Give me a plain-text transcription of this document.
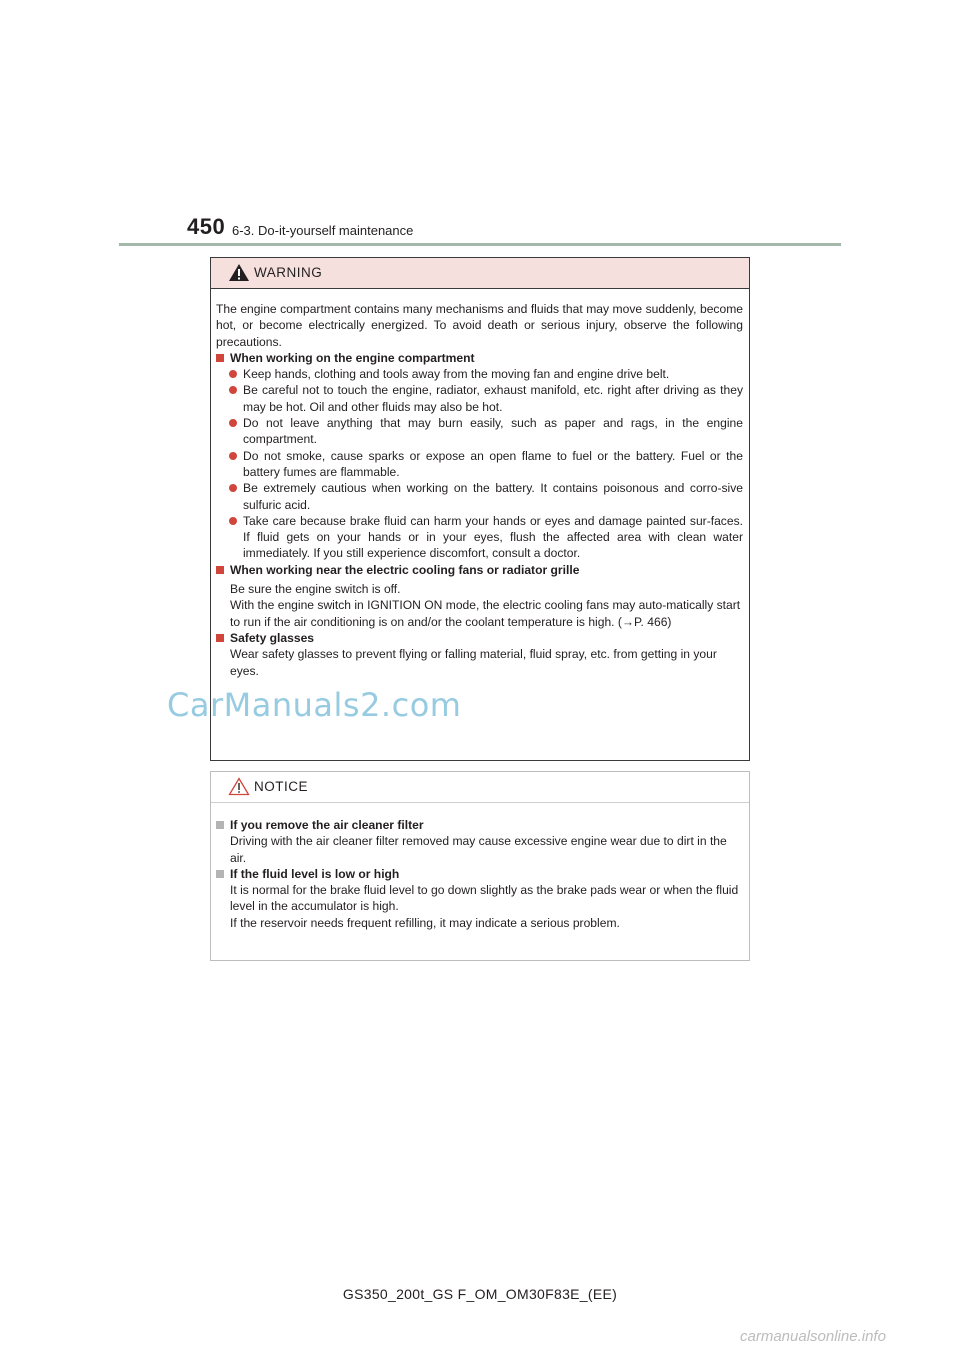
450 6-3. Do-it-yourself maintenance
WARNING

The engine compartment contains many mechanisms and fluids that may move suddenly, become hot, or become electrically energized. To avoid death or serious injury, observe the following precautions.

When working on the engine compartment

Keep hands, clothing and tools away from the moving fan and engine drive belt.

Be careful not to touch the engine, radiator, exhaust manifold, etc. right after driving as they may be hot. Oil and other fluids may also be hot.

Do not leave anything that may burn easily, such as paper and rags, in the engine compartment.

Do not smoke, cause sparks or expose an open flame to fuel or the battery. Fuel or the battery fumes are flammable.

Be extremely cautious when working on the battery. It contains poisonous and corro-sive sulfuric acid.

Take care because brake fluid can harm your hands or eyes and damage painted sur-faces. If fluid gets on your hands or in your eyes, flush the affected area with clean water immediately. If you still experience discomfort, consult a doctor.

When working near the electric cooling fans or radiator grille

Be sure the engine switch is off.

With the engine switch in IGNITION ON mode, the electric cooling fans may auto-matically start to run if the air conditioning is on and/or the coolant temperature is high. (→P. 466)

Safety glasses

Wear safety glasses to prevent flying or falling material, fluid spray, etc. from getting in your eyes.

NOTICE

If you remove the air cleaner filter

Driving with the air cleaner filter removed may cause excessive engine wear due to dirt in the air.

If the fluid level is low or high

It is normal for the brake fluid level to go down slightly as the brake pads wear or when the fluid level in the accumulator is high.

If the reservoir needs frequent refilling, it may indicate a serious problem.

CarManuals2.com
GS350_200t_GS F_OM_OM30F83E_(EE)
carmanualsonline.info
